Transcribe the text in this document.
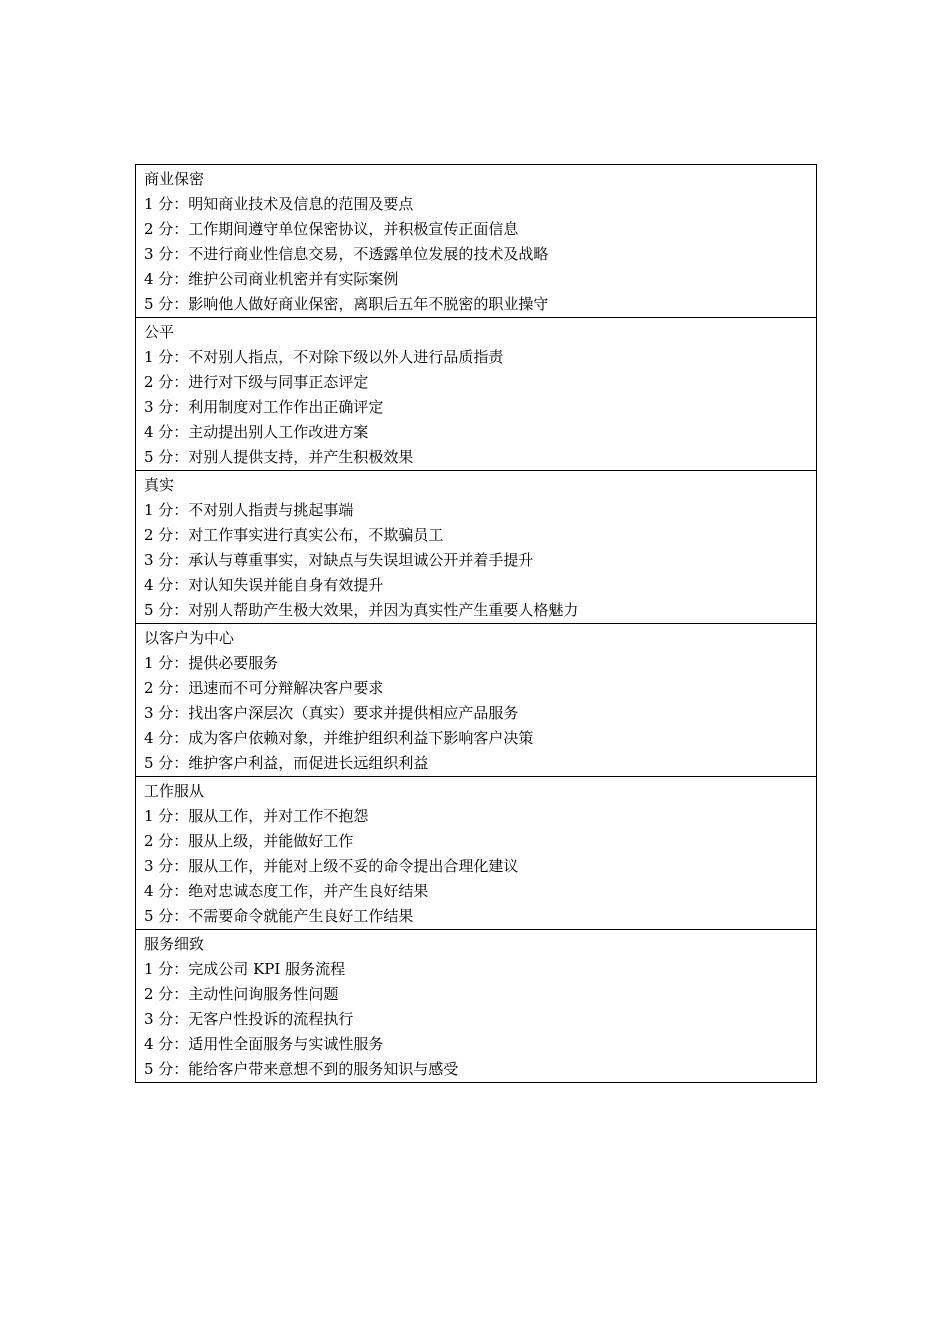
商业保密
1 分：明知商业技术及信息的范围及要点
2 分：工作期间遵守单位保密协议，并积极宣传正面信息
3 分：不进行商业性信息交易，不透露单位发展的技术及战略
4 分：维护公司商业机密并有实际案例
5 分：影响他人做好商业保密，离职后五年不脱密的职业操守

公平
1 分：不对别人指点，不对除下级以外人进行品质指责
2 分：进行对下级与同事正态评定
3 分：利用制度对工作作出正确评定
4 分：主动提出别人工作改进方案
5 分：对别人提供支持，并产生积极效果

真实
1 分：不对别人指责与挑起事端
2 分：对工作事实进行真实公布，不欺骗员工
3 分：承认与尊重事实，对缺点与失误坦诚公开并着手提升
4 分：对认知失误并能自身有效提升
5 分：对别人帮助产生极大效果，并因为真实性产生重要人格魅力

以客户为中心
1 分：提供必要服务
2 分：迅速而不可分辩解决客户要求
3 分：找出客户深层次（真实）要求并提供相应产品服务
4 分：成为客户依赖对象，并维护组织利益下影响客户决策
5 分：维护客户利益，而促进长远组织利益

工作服从
1 分：服从工作，并对工作不抱怨
2 分：服从上级，并能做好工作
3 分：服从工作，并能对上级不妥的命令提出合理化建议
4 分：绝对忠诚态度工作，并产生良好结果
5 分：不需要命令就能产生良好工作结果

服务细致
1 分：完成公司 KPI 服务流程
2 分：主动性问询服务性问题
3 分：无客户性投诉的流程执行
4 分：适用性全面服务与实诚性服务
5 分：能给客户带来意想不到的服务知识与感受
